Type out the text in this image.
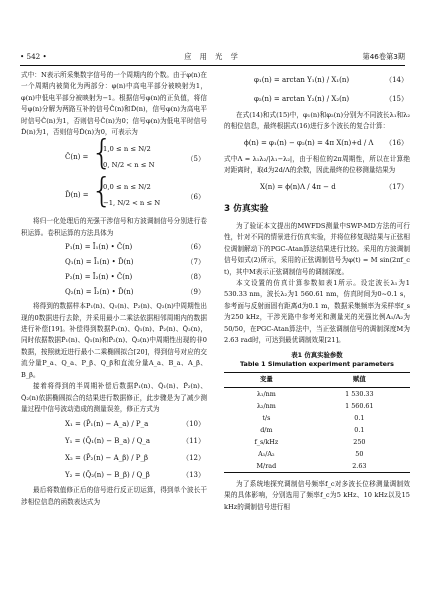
• 542 •	应 用 光 学	第46卷第3期

式中：N表示所采集数字信号的一个周期内的个数。由于φ(n)在一个周期内被简化为两部分：φ(n)中高电平部分被映射为1，φ(n)中低电平部分被映射为−1。根据信号φ(n)的正负值，将信号φ(n)分解为两路互补的信号Ĉ(n)和D̂(n)，信号φ(n)为高电平时信号Ĉ(n)为1，否则信号Ĉ(n)为0；信号φ(n)为低电平时信号D̂(n)为1，否则信号D̂(n)为0，可表示为

Ĉ(n) = {
1,0 ≤ n ≤ N/2
0, N/2 < n ≤ N
（5）
D̂(n) = {
0,0 ≤ n ≤ N/2
−1, N/2 < n ≤ N
（6）

将归一化处理后的光强干涉信号和方波调制信号分别进行卷积运算。卷积运算的方法具体为

P₁(n) = Ī₁(n) • Ĉ(n)	（6）
Q₁(n) = Ī₁(n) • D̂(n)	（7）
P₂(n) = Ī₂(n) • Ĉ(n)	（8）
Q₂(n) = Ī₂(n) • D̂(n)	（9）

将得到的数据样本P₁(n)、Q₁(n)、P₂(n)、Q₂(n)中周期性出现的0数据进行去除，并采用最小二乘法依据相邻周期内的数据进行补偿[19]。补偿得到数据P̂₁(n)、Q̂₁(n)、P̂₂(n)、Q̂₂(n)，同时依据数据P̂₁(n)、Q̂₁(n)和P̂₂(n)、Q̂₂(n)中周期性出现的非0数据，按照就近进行最小二乘椭圆拟合[20]，得到信号对应的交流分量P_a、Q_a、P_β、Q_β和直流分量A_a、B_a、A_β、B_β。

接着将得到的半周期补偿后数据P̂₁(n)、Q̂₁(n)、P̂₂(n)、Q̂₂(n)依据椭圆拟合的结果进行数据修正，此步骤是为了减少测量过程中信号波动造成的测量误差，修正方式为

X₁ = (P̂₁(n) − A_a) / P_a	（10）
Y₁ = (Q̂₁(n) − B_a) / Q_a	（11）
X₂ = (P̂₂(n) − A_β) / P_β	（12）
Y₂ = (Q̂₂(n) − B_β) / Q_β	（13）

最后将数值修正后的信号进行反正切运算，得到单个波长干涉相位信息的函数表达式为

φ₁(n) = arctan Y₁(n) / X₁(n)	（14）
φ₂(n) = arctan Y₂(n) / X₂(n)	（15）

在式(14)和式(15)中，φ₁(n)和φ₂(n)分别为不同波长λ₁和λ₂的相位信息，最终根据式(16)进行多个波长的复合计算：

ϕ(n) = φ₁(n) − φ₂(n) = 4π X(n)+d / Λ （16）

式中Λ = λ₁λ₂/|λ₁−λ₂|，由于相位的2π周期性，所以在计算绝对距离时，取d为2d/Λ的余数，因此最终的位移测量结果为

X(n) = ϕ(n)Λ / 4π − d	（17）
3 仿真实验

为了验证本文提出的MWFDS测量中SWP-MD方法的可行性，针对不同的情景进行仿真实验，并将位移复现结果与正弦相位调制解动下的PGC-Atan算法结果进行比较。采用的方波调制信号如式(2)所示，采用的正弦调制信号为φ(t) = M sin(2πf_c t)，其中M表示正弦调制信号的调制深度。

本文设置的仿真计算参数如表1所示。设定波长λ₁为1 530.33 nm，波长λ₂为1 560.61 nm，仿真时间为0~0.1 s，参考面与反射面固有距离d为0.1 m，数据采集频率为采样率f_s为250 kHz，干涉光路中参考光和测量光的光强比例A₁/A₂为50/50，在PGC-Atan算法中，当正弦调制信号的调制深度M为2.63 rad时，可达到最优调制效果[21]。

表1 仿真实验参数
Table 1 Simulation experiment parameters
变量	赋值
λ₁/nm	1 530.33
λ₂/nm	1 560.61
t/s	0.1
d/m	0.1
f_s/kHz	250
A₁/A₂	50
M/rad	2.63

为了系统地探究调制信号频率f_c对多波长位移测量调制效果的具体影响，分别选用了频率f_c为5 kHz、10 kHz以及15 kHz的调制信号进行相
